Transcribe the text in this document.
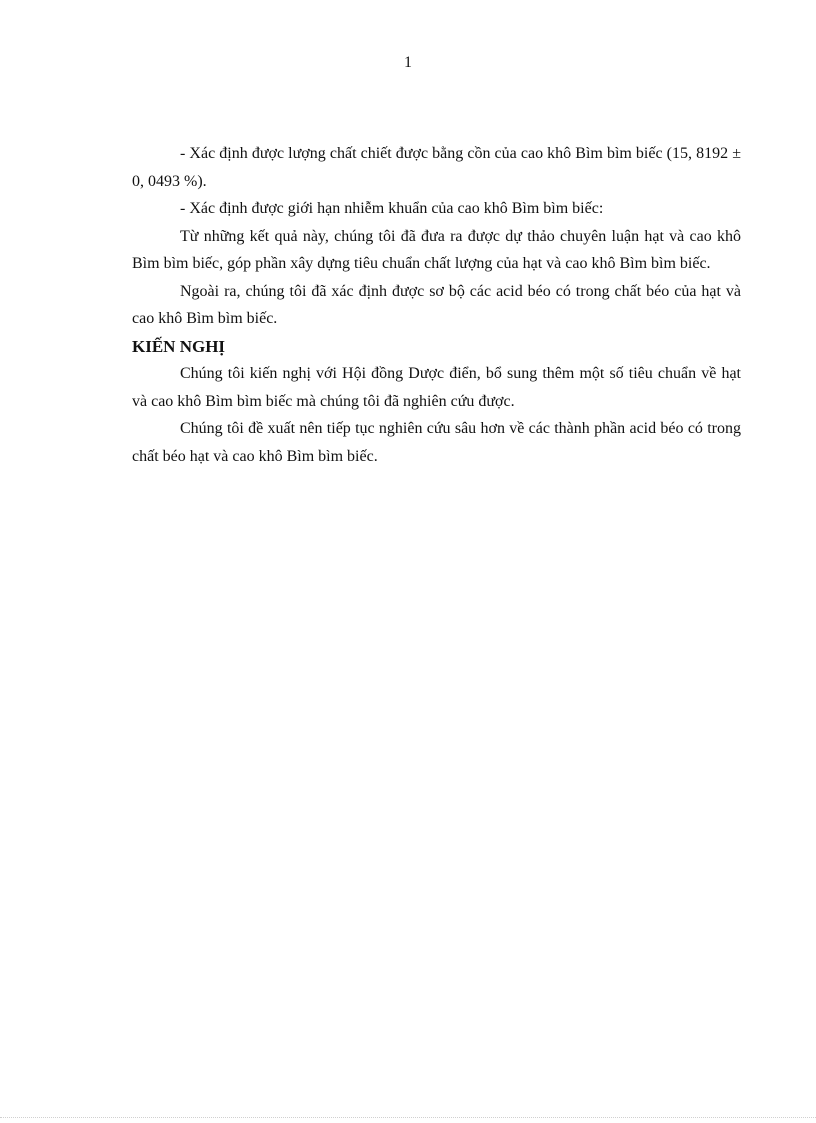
1

- Xác định được lượng chất chiết được bằng cồn của cao khô Bìm bìm biếc (15, 8192 ± 0, 0493 %).

- Xác định được giới hạn nhiễm khuẩn của cao khô Bìm bìm biếc:

Từ những kết quả này, chúng tôi đã đưa ra được dự thảo chuyên luận hạt và cao khô Bìm bìm biếc, góp phần xây dựng tiêu chuẩn chất lượng của hạt và cao khô Bìm bìm biếc.

Ngoài ra, chúng tôi đã xác định được sơ bộ các acid béo có trong chất béo của hạt và cao khô Bìm bìm biếc.

KIẾN NGHỊ

Chúng tôi kiến nghị với Hội đồng Dược điển, bổ sung thêm một số tiêu chuẩn về hạt và cao khô Bìm bìm biếc mà chúng tôi đã nghiên cứu được.

Chúng tôi đề xuất nên tiếp tục nghiên cứu sâu hơn về các thành phần acid béo có trong chất béo hạt và cao khô Bìm bìm biếc.
